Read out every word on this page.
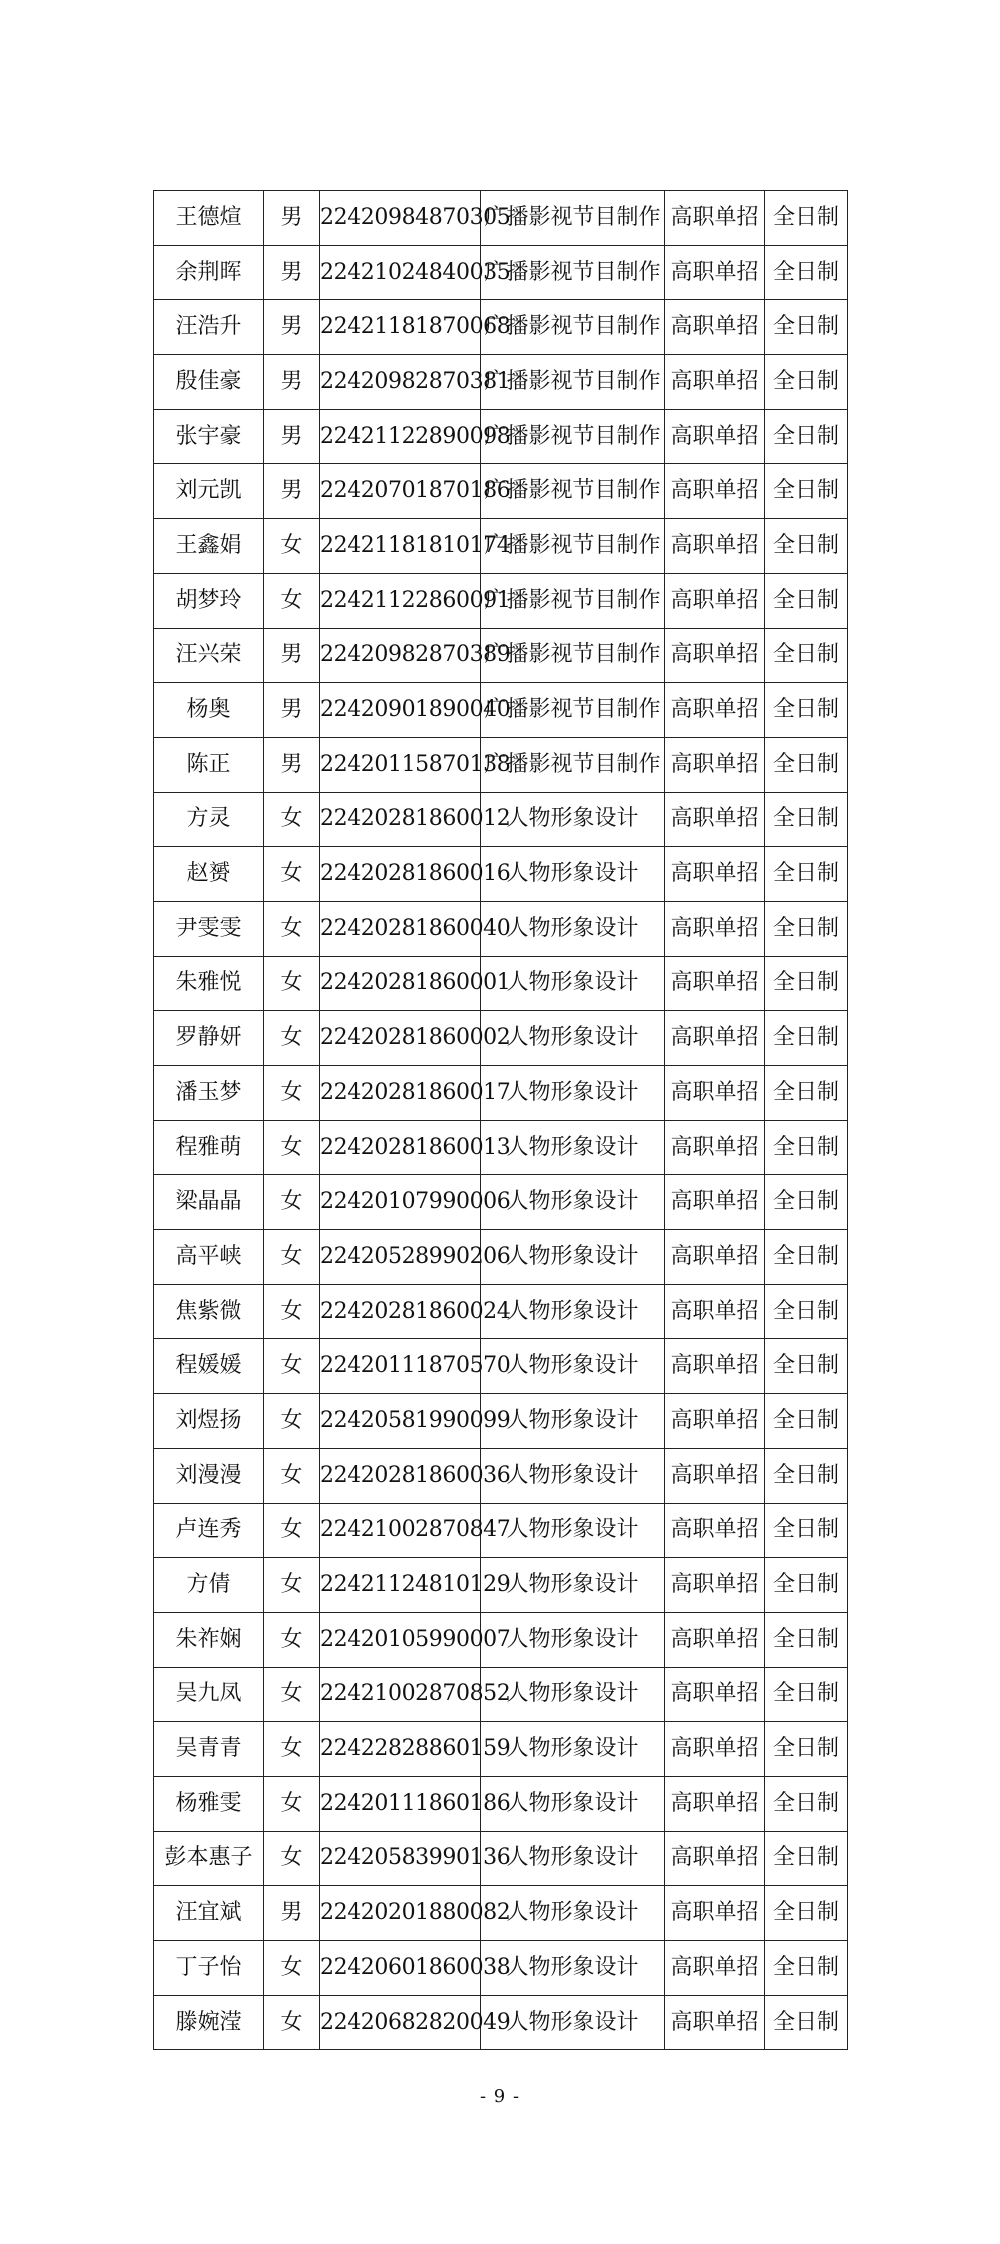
王德煊	男	22420984870305	广播影视节目制作	高职单招	全日制
余荆晖	男	22421024840035	广播影视节目制作	高职单招	全日制
汪浩升	男	22421181870068	广播影视节目制作	高职单招	全日制
殷佳豪	男	22420982870381	广播影视节目制作	高职单招	全日制
张宇豪	男	22421122890098	广播影视节目制作	高职单招	全日制
刘元凯	男	22420701870186	广播影视节目制作	高职单招	全日制
王鑫娟	女	22421181810174	广播影视节目制作	高职单招	全日制
胡梦玲	女	22421122860091	广播影视节目制作	高职单招	全日制
汪兴荣	男	22420982870389	广播影视节目制作	高职单招	全日制
杨奥	男	22420901890040	广播影视节目制作	高职单招	全日制
陈正	男	22420115870138	广播影视节目制作	高职单招	全日制
方灵	女	22420281860012	人物形象设计	高职单招	全日制
赵赟	女	22420281860016	人物形象设计	高职单招	全日制
尹雯雯	女	22420281860040	人物形象设计	高职单招	全日制
朱雅悦	女	22420281860001	人物形象设计	高职单招	全日制
罗静妍	女	22420281860002	人物形象设计	高职单招	全日制
潘玉梦	女	22420281860017	人物形象设计	高职单招	全日制
程雅萌	女	22420281860013	人物形象设计	高职单招	全日制
梁晶晶	女	22420107990006	人物形象设计	高职单招	全日制
高平峡	女	22420528990206	人物形象设计	高职单招	全日制
焦紫微	女	22420281860024	人物形象设计	高职单招	全日制
程媛媛	女	22420111870570	人物形象设计	高职单招	全日制
刘煜扬	女	22420581990099	人物形象设计	高职单招	全日制
刘漫漫	女	22420281860036	人物形象设计	高职单招	全日制
卢连秀	女	22421002870847	人物形象设计	高职单招	全日制
方倩	女	22421124810129	人物形象设计	高职单招	全日制
朱祚娴	女	22420105990007	人物形象设计	高职单招	全日制
吴九凤	女	22421002870852	人物形象设计	高职单招	全日制
吴青青	女	22422828860159	人物形象设计	高职单招	全日制
杨雅雯	女	22420111860186	人物形象设计	高职单招	全日制
彭本惠子	女	22420583990136	人物形象设计	高职单招	全日制
汪宜斌	男	22420201880082	人物形象设计	高职单招	全日制
丁子怡	女	22420601860038	人物形象设计	高职单招	全日制
滕婉滢	女	22420682820049	人物形象设计	高职单招	全日制
- 9 -
